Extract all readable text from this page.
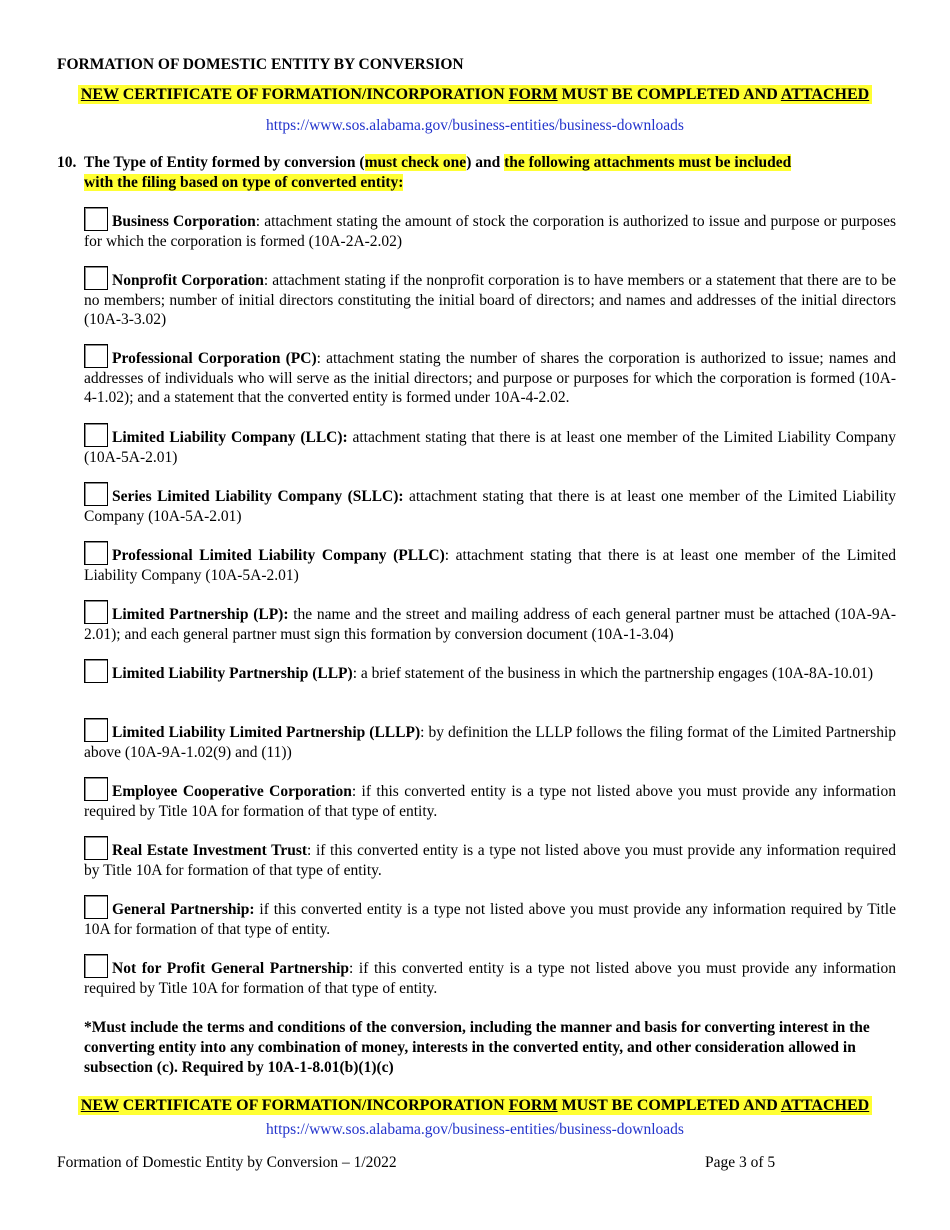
FORMATION OF DOMESTIC ENTITY BY CONVERSION
NEW CERTIFICATE OF FORMATION/INCORPORATION FORM MUST BE COMPLETED AND ATTACHED
https://www.sos.alabama.gov/business-entities/business-downloads
10. The Type of Entity formed by conversion (must check one) and the following attachments must be included
with the filing based on type of converted entity:
Business Corporation: attachment stating the amount of stock the corporation is authorized to issue and purpose or purposes for which the corporation is formed (10A-2A-2.02)
Nonprofit Corporation: attachment stating if the nonprofit corporation is to have members or a statement that there are to be no members; number of initial directors constituting the initial board of directors; and names and addresses of the initial directors (10A-3-3.02)
Professional Corporation (PC): attachment stating the number of shares the corporation is authorized to issue; names and addresses of individuals who will serve as the initial directors; and purpose or purposes for which the corporation is formed (10A-4-1.02); and a statement that the converted entity is formed under 10A-4-2.02.
Limited Liability Company (LLC): attachment stating that there is at least one member of the Limited Liability Company (10A-5A-2.01)
Series Limited Liability Company (SLLC): attachment stating that there is at least one member of the Limited Liability Company (10A-5A-2.01)
Professional Limited Liability Company (PLLC): attachment stating that there is at least one member of the Limited Liability Company (10A-5A-2.01)
Limited Partnership (LP): the name and the street and mailing address of each general partner must be attached (10A-9A-2.01); and each general partner must sign this formation by conversion document (10A-1-3.04)
Limited Liability Partnership (LLP): a brief statement of the business in which the partnership engages (10A-8A-10.01)
Limited Liability Limited Partnership (LLLP): by definition the LLLP follows the filing format of the Limited Partnership above (10A-9A-1.02(9) and (11))
Employee Cooperative Corporation: if this converted entity is a type not listed above you must provide any information required by Title 10A for formation of that type of entity.
Real Estate Investment Trust: if this converted entity is a type not listed above you must provide any information required by Title 10A for formation of that type of entity.
General Partnership: if this converted entity is a type not listed above you must provide any information required by Title 10A for formation of that type of entity.
Not for Profit General Partnership: if this converted entity is a type not listed above you must provide any information required by Title 10A for formation of that type of entity.
*Must include the terms and conditions of the conversion, including the manner and basis for converting interest in the converting entity into any combination of money, interests in the converted entity, and other consideration allowed in subsection (c). Required by 10A-1-8.01(b)(1)(c)
NEW CERTIFICATE OF FORMATION/INCORPORATION FORM MUST BE COMPLETED AND ATTACHED
https://www.sos.alabama.gov/business-entities/business-downloads
Formation of Domestic Entity by Conversion – 1/2022	Page 3 of 5
